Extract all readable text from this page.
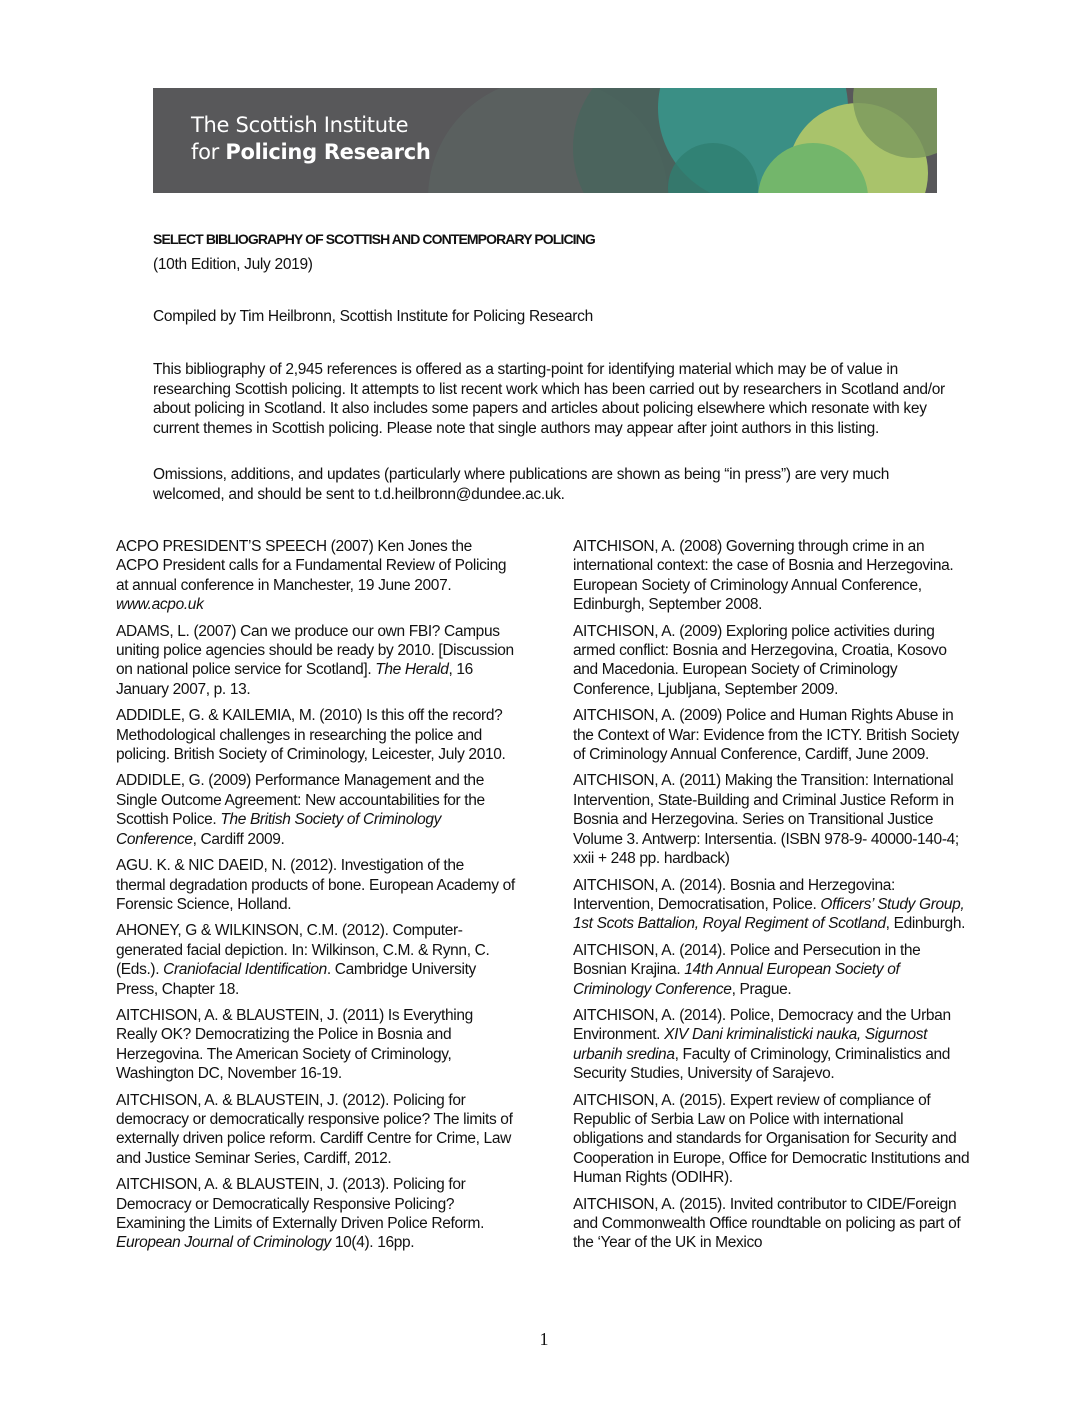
The Scottish Institute
for Policing Research
SELECT BIBLIOGRAPHY OF SCOTTISH AND CONTEMPORARY POLICING
(10th Edition, July 2019)
Compiled by Tim Heilbronn, Scottish Institute for Policing Research
This bibliography of 2,945 references is offered as a starting-point for identifying material which may be of value in researching Scottish policing. It attempts to list recent work which has been carried out by researchers in Scotland and/or about policing in Scotland. It also includes some papers and articles about policing elsewhere which resonate with key current themes in Scottish policing. Please note that single authors may appear after joint authors in this listing.
Omissions, additions, and updates (particularly where publications are shown as being “in press”) are very much welcomed, and should be sent to t.d.heilbronn@dundee.ac.uk.
ACPO PRESIDENT’S SPEECH (2007) Ken Jones the ACPO President calls for a Fundamental Review of Policing at annual conference in Manchester, 19 June 2007. www.acpo.uk
ADAMS, L. (2007) Can we produce our own FBI? Campus uniting police agencies should be ready by 2010. [Discussion on national police service for Scotland]. The Herald, 16 January 2007, p. 13.
ADDIDLE, G. & KAILEMIA, M. (2010) Is this off the record? Methodological challenges in researching the police and policing. British Society of Criminology, Leicester, July 2010.
ADDIDLE, G. (2009) Performance Management and the Single Outcome Agreement: New accountabilities for the Scottish Police. The British Society of Criminology Conference, Cardiff 2009.
AGU. K. & NIC DAEID, N. (2012). Investigation of the thermal degradation products of bone. European Academy of Forensic Science, Holland.
AHONEY, G & WILKINSON, C.M. (2012). Computer-generated facial depiction. In: Wilkinson, C.M. & Rynn, C. (Eds.). Craniofacial Identification. Cambridge University Press, Chapter 18.
AITCHISON, A. & BLAUSTEIN, J. (2011) Is Everything Really OK? Democratizing the Police in Bosnia and Herzegovina. The American Society of Criminology, Washington DC, November 16-19.
AITCHISON, A. & BLAUSTEIN, J. (2012). Policing for democracy or democratically responsive police? The limits of externally driven police reform. Cardiff Centre for Crime, Law and Justice Seminar Series, Cardiff, 2012.
AITCHISON, A. & BLAUSTEIN, J. (2013). Policing for Democracy or Democratically Responsive Policing? Examining the Limits of Externally Driven Police Reform. European Journal of Criminology 10(4). 16pp.
AITCHISON, A. (2008) Governing through crime in an international context: the case of Bosnia and Herzegovina. European Society of Criminology Annual Conference, Edinburgh, September 2008.
AITCHISON, A. (2009) Exploring police activities during armed conflict: Bosnia and Herzegovina, Croatia, Kosovo and Macedonia. European Society of Criminology Conference, Ljubljana, September 2009.
AITCHISON, A. (2009) Police and Human Rights Abuse in the Context of War: Evidence from the ICTY. British Society of Criminology Annual Conference, Cardiff, June 2009.
AITCHISON, A. (2011) Making the Transition: International Intervention, State-Building and Criminal Justice Reform in Bosnia and Herzegovina. Series on Transitional Justice Volume 3. Antwerp: Intersentia. (ISBN 978-9- 40000-140-4; xxii + 248 pp. hardback)
AITCHISON, A. (2014). Bosnia and Herzegovina: Intervention, Democratisation, Police. Officers’ Study Group, 1st Scots Battalion, Royal Regiment of Scotland, Edinburgh.
AITCHISON, A. (2014). Police and Persecution in the Bosnian Krajina. 14th Annual European Society of Criminology Conference, Prague.
AITCHISON, A. (2014). Police, Democracy and the Urban Environment. XIV Dani kriminalisticki nauka, Sigurnost urbanih sredina, Faculty of Criminology, Criminalistics and Security Studies, University of Sarajevo.
AITCHISON, A. (2015). Expert review of compliance of Republic of Serbia Law on Police with international obligations and standards for Organisation for Security and Cooperation in Europe, Office for Democratic Institutions and Human Rights (ODIHR).
AITCHISON, A. (2015). Invited contributor to CIDE/Foreign and Commonwealth Office roundtable on policing as part of the ‘Year of the UK in Mexico
1
